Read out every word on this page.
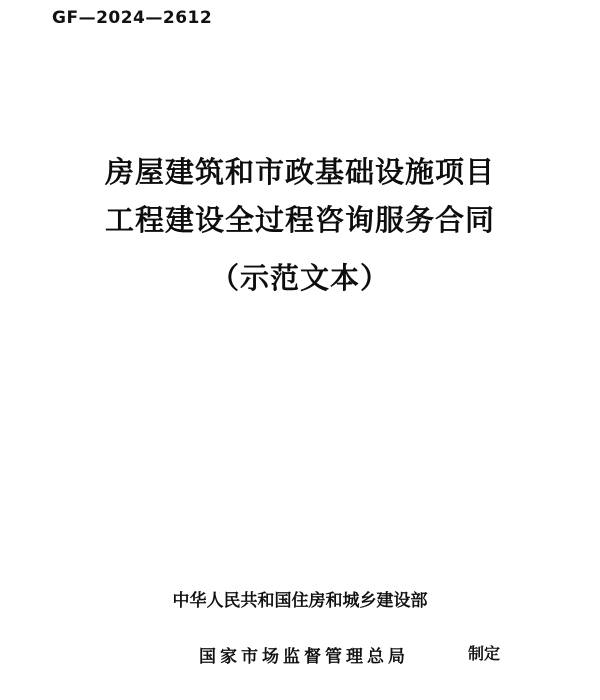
GF—2024—2612
房屋建筑和市政基础设施项目
工程建设全过程咨询服务合同
（示范文本）
中华人民共和国住房和城乡建设部
国家市场监督管理总局	制定
